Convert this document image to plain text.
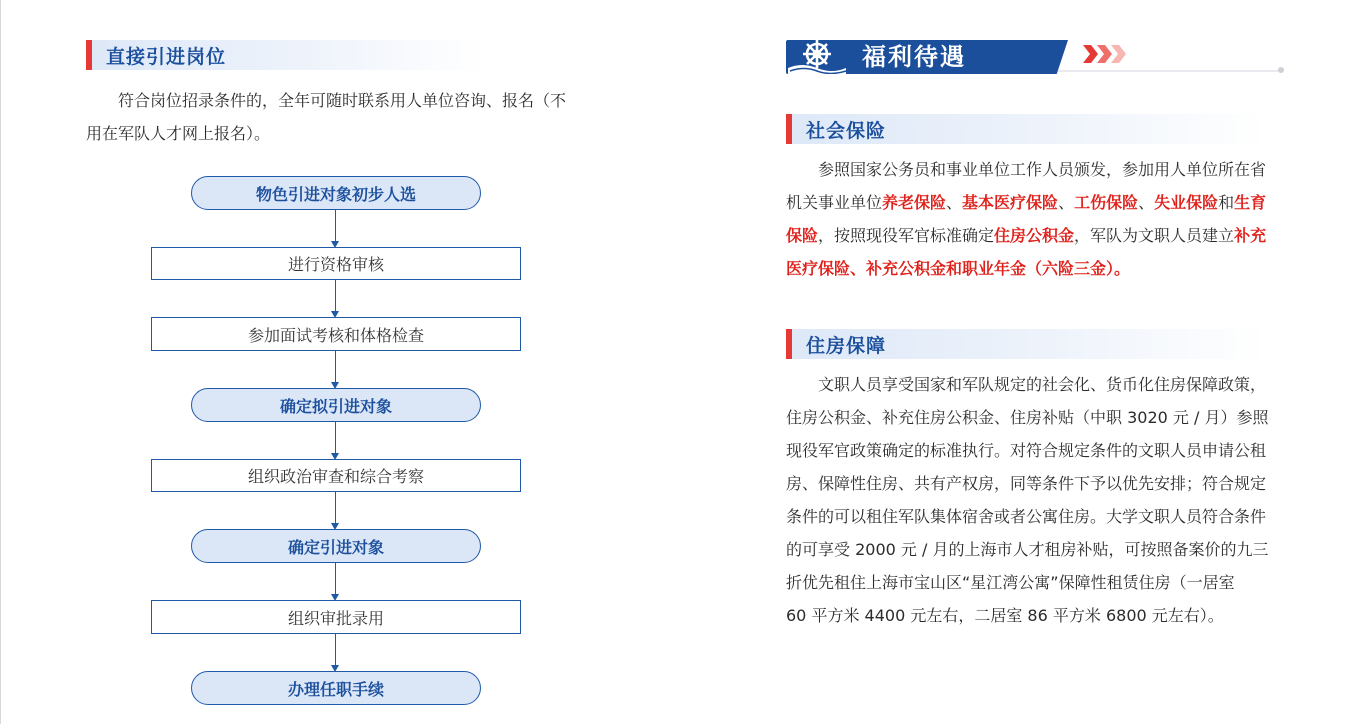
直接引进岗位

符合岗位招录条件的，全年可随时联系用人单位咨询、报名（不
用在军队人才网上报名）。

物色引进对象初步人选
进行资格审核
参加面试考核和体格检查
确定拟引进对象
组织政治审查和综合考察
确定引进对象
组织审批录用
办理任职手续
福利待遇
社会保险

参照国家公务员和事业单位工作人员颁发，参加用人单位所在省
机关事业单位养老保险、基本医疗保险、工伤保险、失业保险和生育
保险，按照现役军官标准确定住房公积金，军队为文职人员建立补充
医疗保险、补充公积金和职业年金（六险三金）。

住房保障

文职人员享受国家和军队规定的社会化、货币化住房保障政策，
住房公积金、补充住房公积金、住房补贴（中职 3020 元 / 月）参照
现役军官政策确定的标准执行。对符合规定条件的文职人员申请公租
房、保障性住房、共有产权房，同等条件下予以优先安排；符合规定
条件的可以租住军队集体宿舍或者公寓住房。大学文职人员符合条件
的可享受 2000 元 / 月的上海市人才租房补贴，可按照备案价的九三
折优先租住上海市宝山区“星江湾公寓”保障性租赁住房（一居室
60 平方米 4400 元左右，二居室 86 平方米 6800 元左右）。
